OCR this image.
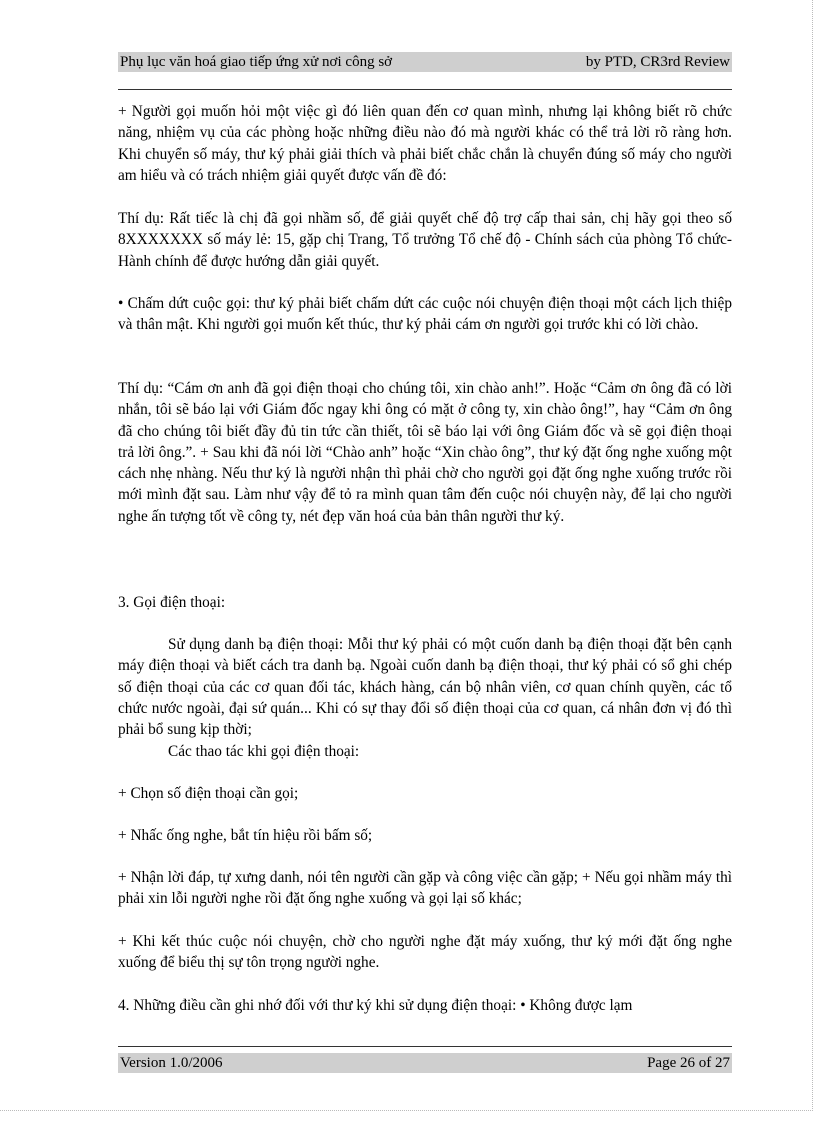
Phụ lục văn hoá giao tiếp ứng xử nơi công sở	by PTD, CR3rd Review

+ Người gọi muốn hỏi một việc gì đó liên quan đến cơ quan mình, nhưng lại không biết rõ chức năng, nhiệm vụ của các phòng hoặc những điều nào đó mà người khác có thể trả lời rõ ràng hơn. Khi chuyển số máy, thư ký phải giải thích và phải biết chắc chắn là chuyển đúng số máy cho người am hiểu và có trách nhiệm giải quyết được vấn đề đó:

Thí dụ: Rất tiếc là chị đã gọi nhầm số, để giải quyết chế độ trợ cấp thai sản, chị hãy gọi theo số 8XXXXXXX số máy lẻ: 15, gặp chị Trang, Tổ trưởng Tổ chế độ - Chính sách của phòng Tổ chức-Hành chính để được hướng dẫn giải quyết.

• Chấm dứt cuộc gọi: thư ký phải biết chấm dứt các cuộc nói chuyện điện thoại một cách lịch thiệp và thân mật. Khi người gọi muốn kết thúc, thư ký phải cám ơn người gọi trước khi có lời chào.

Thí dụ: “Cám ơn anh đã gọi điện thoại cho chúng tôi, xin chào anh!”. Hoặc “Cảm ơn ông đã có lời nhắn, tôi sẽ báo lại với Giám đốc ngay khi ông có mặt ở công ty, xin chào ông!”, hay “Cảm ơn ông đã cho chúng tôi biết đầy đủ tin tức cần thiết, tôi sẽ báo lại với ông Giám đốc và sẽ gọi điện thoại trả lời ông.”. + Sau khi đã nói lời “Chào anh” hoặc “Xin chào ông”, thư ký đặt ống nghe xuống một cách nhẹ nhàng. Nếu thư ký là người nhận thì phải chờ cho người gọi đặt ống nghe xuống trước rồi mới mình đặt sau. Làm như vậy để tỏ ra mình quan tâm đến cuộc nói chuyện này, để lại cho người nghe ấn tượng tốt về công ty, nét đẹp văn hoá của bản thân người thư ký.

3. Gọi điện thoại:

Sử dụng danh bạ điện thoại: Mỗi thư ký phải có một cuốn danh bạ điện thoại đặt bên cạnh máy điện thoại và biết cách tra danh bạ. Ngoài cuốn danh bạ điện thoại, thư ký phải có sổ ghi chép số điện thoại của các cơ quan đối tác, khách hàng, cán bộ nhân viên, cơ quan chính quyền, các tổ chức nước ngoài, đại sứ quán... Khi có sự thay đổi số điện thoại của cơ quan, cá nhân đơn vị đó thì phải bổ sung kịp thời;

Các thao tác khi gọi điện thoại:

+ Chọn số điện thoại cần gọi;

+ Nhấc ống nghe, bắt tín hiệu rồi bấm số;

+ Nhận lời đáp, tự xưng danh, nói tên người cần gặp và công việc cần gặp; + Nếu gọi nhầm máy thì phải xin lỗi người nghe rồi đặt ống nghe xuống và gọi lại số khác;

+ Khi kết thúc cuộc nói chuyện, chờ cho người nghe đặt máy xuống, thư ký mới đặt ống nghe xuống để biểu thị sự tôn trọng người nghe.

4. Những điều cần ghi nhớ đối với thư ký khi sử dụng điện thoại: • Không được lạm

Version 1.0/2006	Page 26 of 27
